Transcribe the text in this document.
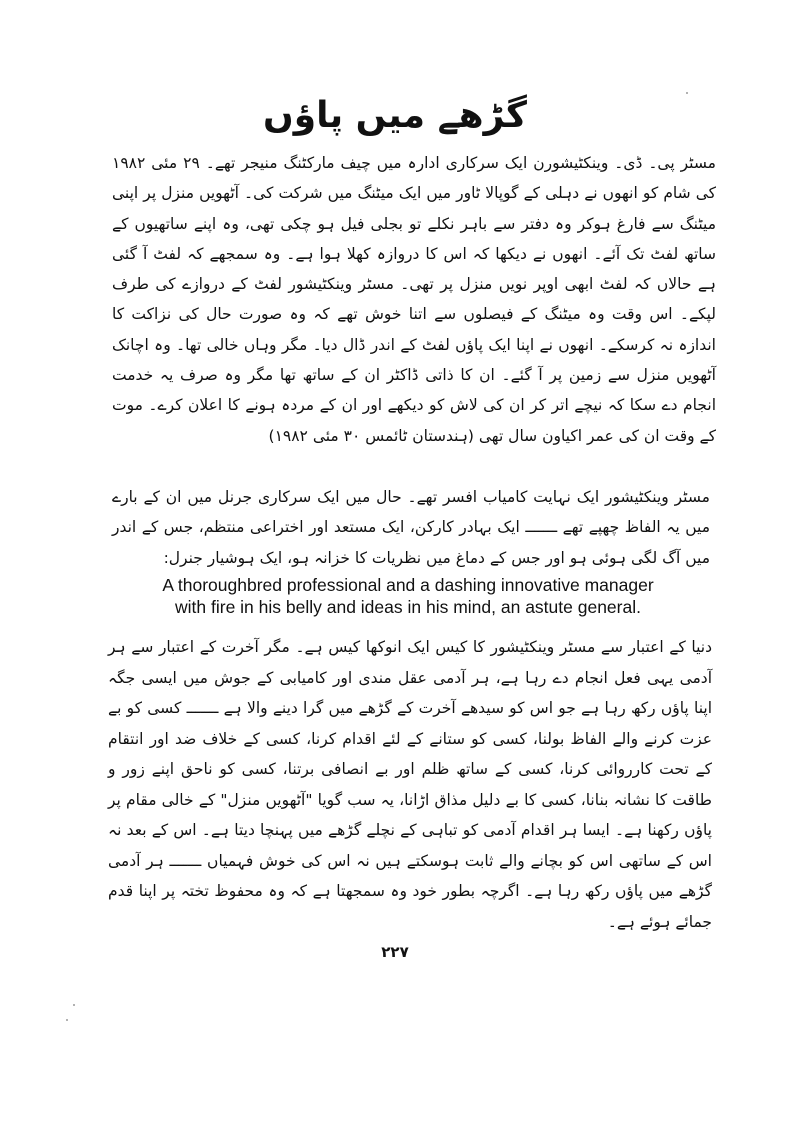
گڑھے میں پاؤں

مسٹر پی۔ ڈی۔ وینکٹیشورن ایک سرکاری ادارہ میں چیف مارکٹنگ منیجر تھے۔ ۲۹ مئی ۱۹۸۲ کی شام کو انھوں نے دہلی کے گوپالا ٹاور میں ایک میٹنگ میں شرکت کی۔ آٹھویں منزل پر اپنی میٹنگ سے فارغ ہوکر وہ دفتر سے باہر نکلے تو بجلی فیل ہو چکی تھی، وہ اپنے ساتھیوں کے ساتھ لفٹ تک آئے۔ انھوں نے دیکھا کہ اس کا دروازہ کھلا ہوا ہے۔ وہ سمجھے کہ لفٹ آ گئی ہے حالاں کہ لفٹ ابھی اوپر نویں منزل پر تھی۔ مسٹر وینکٹیشور لفٹ کے دروازے کی طرف لپکے۔ اس وقت وہ میٹنگ کے فیصلوں سے اتنا خوش تھے کہ وہ صورت حال کی نزاکت کا اندازہ نہ کرسکے۔ انھوں نے اپنا ایک پاؤں لفٹ کے اندر ڈال دیا۔ مگر وہاں خالی تھا۔ وہ اچانک آٹھویں منزل سے زمین پر آ گئے۔ ان کا ذاتی ڈاکٹر ان کے ساتھ تھا مگر وہ صرف یہ خدمت انجام دے سکا کہ نیچے اتر کر ان کی لاش کو دیکھے اور ان کے مردہ ہونے کا اعلان کرے۔ موت کے وقت ان کی عمر اکیاون سال تھی (ہندستان ٹائمس ۳۰ مئی ۱۹۸۲)

مسٹر وینکٹیشور ایک نہایت کامیاب افسر تھے۔ حال میں ایک سرکاری جرنل میں ان کے بارے میں یہ الفاظ چھپے تھے ـــــــ ایک بہادر کارکن، ایک مستعد اور اختراعی منتظم، جس کے اندر میں آگ لگی ہوئی ہو اور جس کے دماغ میں نظریات کا خزانہ ہو، ایک ہوشیار جنرل:

A thoroughbred professional and a dashing innovative manager
with fire in his belly and ideas in his mind, an astute general.

دنیا کے اعتبار سے مسٹر وینکٹیشور کا کیس ایک انوکھا کیس ہے۔ مگر آخرت کے اعتبار سے ہر آدمی یہی فعل انجام دے رہا ہے، ہر آدمی عقل مندی اور کامیابی کے جوش میں ایسی جگہ اپنا پاؤں رکھ رہا ہے جو اس کو سیدھے آخرت کے گڑھے میں گرا دینے والا ہے ـــــــ کسی کو بے عزت کرنے والے الفاظ بولنا، کسی کو ستانے کے لئے اقدام کرنا، کسی کے خلاف ضد اور انتقام کے تحت کارروائی کرنا، کسی کے ساتھ ظلم اور بے انصافی برتنا، کسی کو ناحق اپنے زور و طاقت کا نشانہ بنانا، کسی کا بے دلیل مذاق اڑانا، یہ سب گویا "آٹھویں منزل" کے خالی مقام پر پاؤں رکھنا ہے۔ ایسا ہر اقدام آدمی کو تباہی کے نچلے گڑھے میں پہنچا دیتا ہے۔ اس کے بعد نہ اس کے ساتھی اس کو بچانے والے ثابت ہوسکتے ہیں نہ اس کی خوش فہمیاں ـــــــ ہر آدمی گڑھے میں پاؤں رکھ رہا ہے۔ اگرچہ بطور خود وہ سمجھتا ہے کہ وہ محفوظ تختہ پر اپنا قدم جمائے ہوئے ہے۔

۲۲۷
